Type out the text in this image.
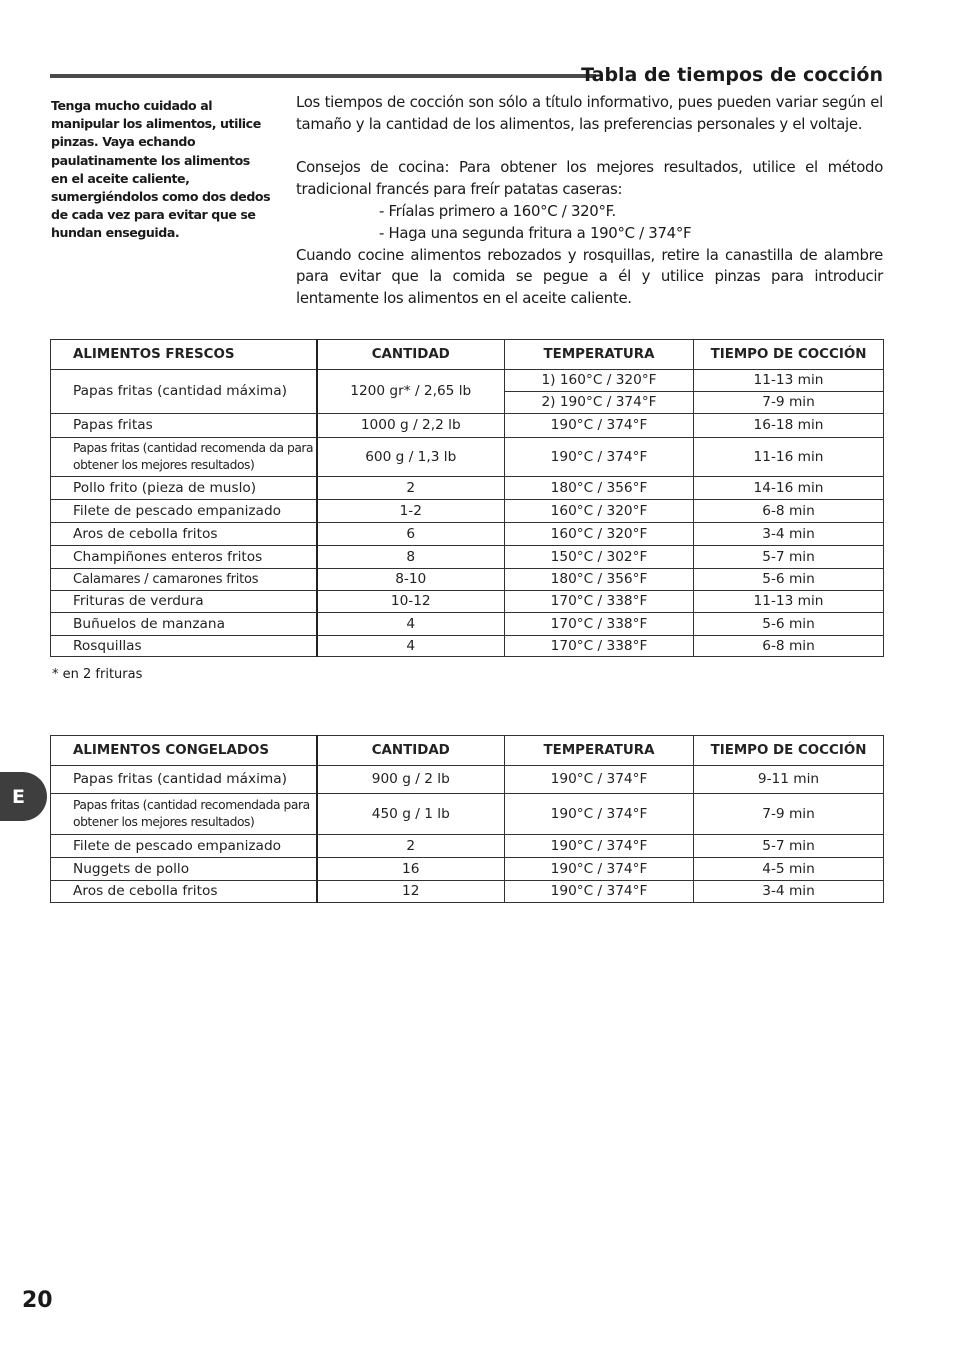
Tabla de tiempos de cocción
Tenga mucho cuidado al
manipular los alimentos, utilice
pinzas. Vaya echando
paulatinamente los alimentos
en el aceite caliente,
sumergiéndolos como dos dedos
de cada vez para evitar que se
hundan enseguida.

Los tiempos de cocción son sólo a título informativo, pues pueden variar según el tamaño y la cantidad de los alimentos, las preferencias personales y el voltaje.

Consejos de cocina: Para obtener los mejores resultados, utilice el método tradicional francés para freír patatas caseras:

- Fríalas primero a 160°C / 320°F.

- Haga una segunda fritura a 190°C / 374°F

Cuando cocine alimentos rebozados y rosquillas, retire la canastilla de alambre para evitar que la comida se pegue a él y utilice pinzas para introducir lentamente los alimentos en el aceite caliente.

ALIMENTOS FRESCOS	CANTIDAD	TEMPERATURA	TIEMPO DE COCCIÓN
Papas fritas (cantidad máxima)	1200 gr* / 2,65 lb	1) 160°C / 320°F	11-13 min
		2) 190°C / 374°F	7-9 min
Papas fritas	1000 g / 2,2 lb	190°C / 374°F	16-18 min

Papas fritas (cantidad recomenda da para obtener los mejores resultados)	600 g / 1,3 lb	190°C / 374°F	11-16 min
Pollo frito (pieza de muslo)	2	180°C / 356°F	14-16 min
Filete de pescado empanizado	1-2	160°C / 320°F	6-8 min
Aros de cebolla fritos	6	160°C / 320°F	3-4 min
Champiñones enteros fritos	8	150°C / 302°F	5-7 min
Calamares / camarones fritos	8-10	180°C / 356°F	5-6 min
Frituras de verdura	10-12	170°C / 338°F	11-13 min
Buñuelos de manzana	4	170°C / 338°F	5-6 min
Rosquillas	4	170°C / 338°F	6-8 min
* en 2 frituras
ALIMENTOS CONGELADOS	CANTIDAD	TEMPERATURA	TIEMPO DE COCCIÓN
Papas fritas (cantidad máxima)	900 g / 2 lb	190°C / 374°F	9-11 min

Papas fritas (cantidad recomendada para obtener los mejores resultados)	450 g / 1 lb	190°C / 374°F	7-9 min
Filete de pescado empanizado	2	190°C / 374°F	5-7 min
Nuggets de pollo	16	190°C / 374°F	4-5 min
Aros de cebolla fritos	12	190°C / 374°F	3-4 min
E
20
